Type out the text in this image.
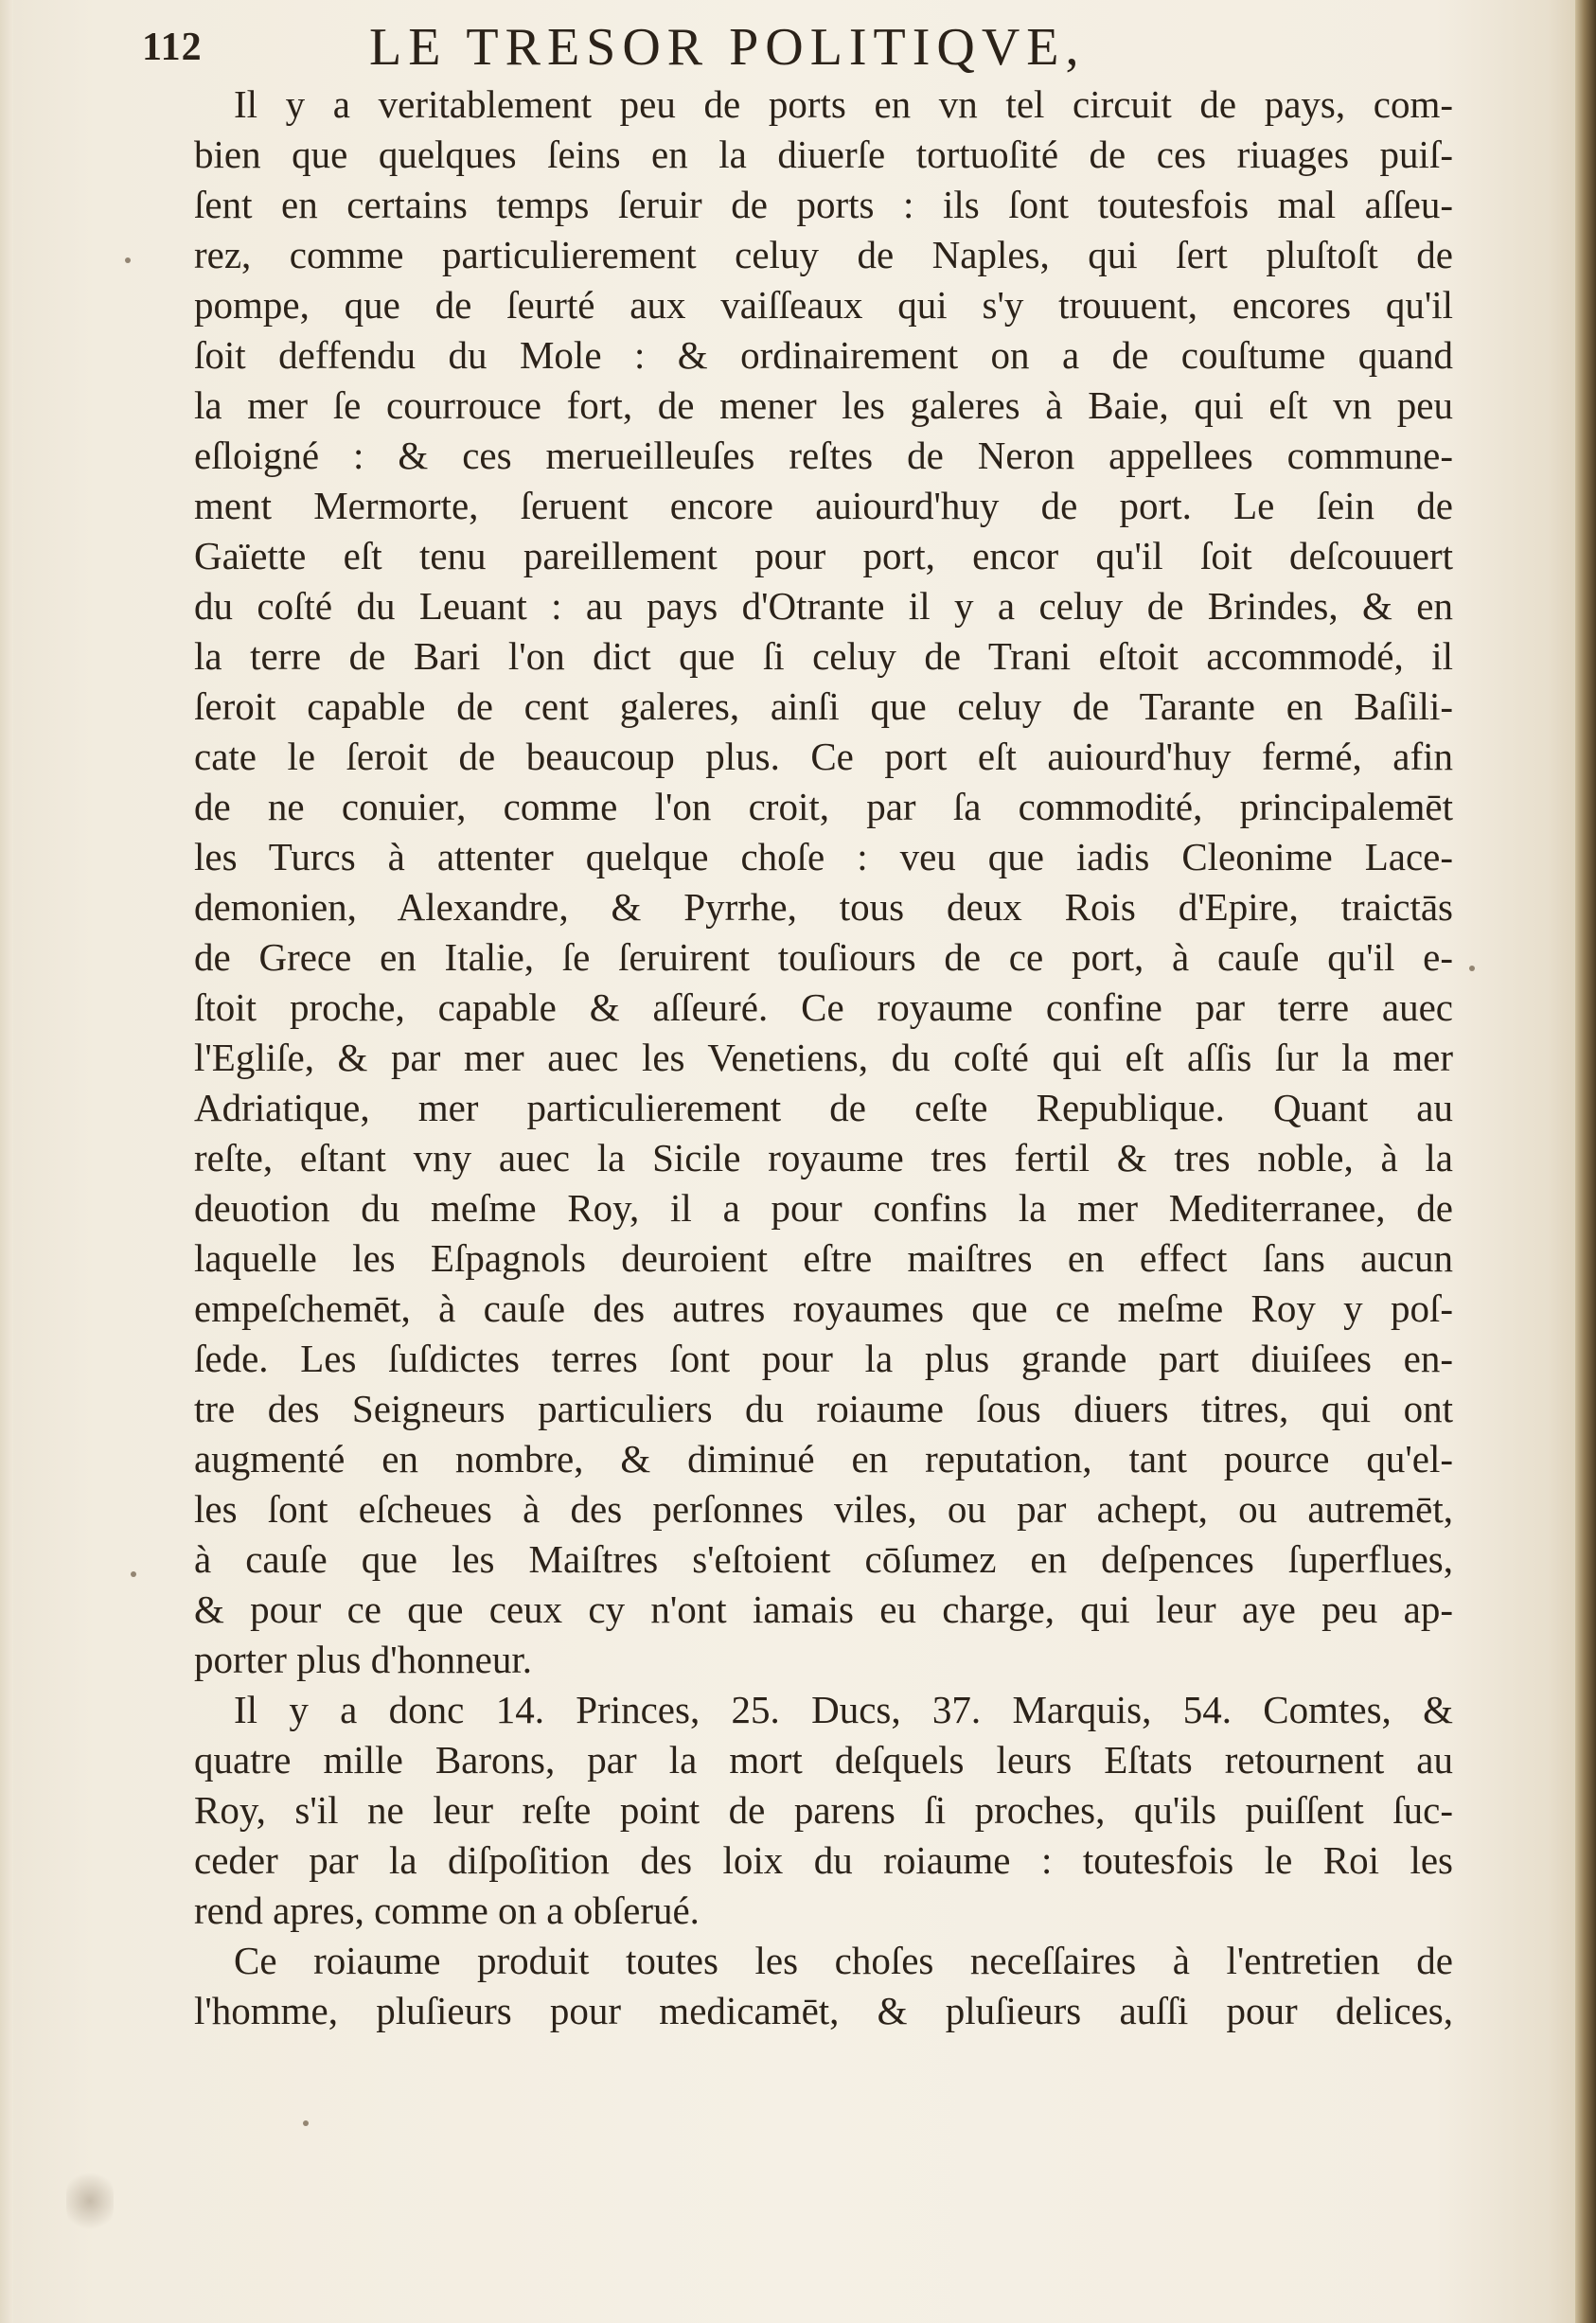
112	LE TRESOR POLITIQVE,
Il y a veritablement peu de ports en vn tel circuit de pays, com-
bien que quelques ſeins en la diuerſe tortuoſité de ces riuages puiſ-
ſent en certains temps ſeruir de ports : ils ſont toutesfois mal aſſeu-
rez, comme particulierement celuy de Naples, qui ſert pluſtoſt de
pompe, que de ſeurté aux vaiſſeaux qui s'y trouuent, encores qu'il
ſoit deffendu du Mole : & ordinairement on a de couſtume quand
la mer ſe courrouce fort, de mener les galeres à Baie, qui eſt vn peu
eſloigné : & ces merueilleuſes reſtes de Neron appellees commune-
ment Mermorte, ſeruent encore auiourd'huy de port. Le ſein de
Gaïette eſt tenu pareillement pour port, encor qu'il ſoit deſcouuert
du coſté du Leuant : au pays d'Otrante il y a celuy de Brindes, & en
la terre de Bari l'on dict que ſi celuy de Trani eſtoit accommodé, il
ſeroit capable de cent galeres, ainſi que celuy de Tarante en Baſili-
cate le ſeroit de beaucoup plus. Ce port eſt auiourd'huy fermé, afin
de ne conuier, comme l'on croit, par ſa commodité, principalemēt
les Turcs à attenter quelque choſe : veu que iadis Cleonime Lace-
demonien, Alexandre, & Pyrrhe, tous deux Rois d'Epire, traictās
de Grece en Italie, ſe ſeruirent touſiours de ce port, à cauſe qu'il e-
ſtoit proche, capable & aſſeuré. Ce royaume confine par terre auec
l'Egliſe, & par mer auec les Venetiens, du coſté qui eſt aſſis ſur la mer
Adriatique, mer particulierement de ceſte Republique. Quant au
reſte, eſtant vny auec la Sicile royaume tres fertil & tres noble, à la
deuotion du meſme Roy, il a pour confins la mer Mediterranee, de
laquelle les Eſpagnols deuroient eſtre maiſtres en effect ſans aucun
empeſchemēt, à cauſe des autres royaumes que ce meſme Roy y poſ-
ſede. Les ſuſdictes terres ſont pour la plus grande part diuiſees en-
tre des Seigneurs particuliers du roiaume ſous diuers titres, qui ont
augmenté en nombre, & diminué en reputation, tant pource qu'el-
les ſont eſcheues à des perſonnes viles, ou par achept, ou autremēt,
à cauſe que les Maiſtres s'eſtoient cōſumez en deſpences ſuperflues,
& pour ce que ceux cy n'ont iamais eu charge, qui leur aye peu ap-
porter plus d'honneur.
Il y a donc 14. Princes, 25. Ducs, 37. Marquis, 54. Comtes, &
quatre mille Barons, par la mort deſquels leurs Eſtats retournent au
Roy, s'il ne leur reſte point de parens ſi proches, qu'ils puiſſent ſuc-
ceder par la diſpoſition des loix du roiaume : toutesfois le Roi les
rend apres, comme on a obſerué.
Ce roiaume produit toutes les choſes neceſſaires à l'entretien de
l'homme, pluſieurs pour medicamēt, & pluſieurs auſſi pour delices,
